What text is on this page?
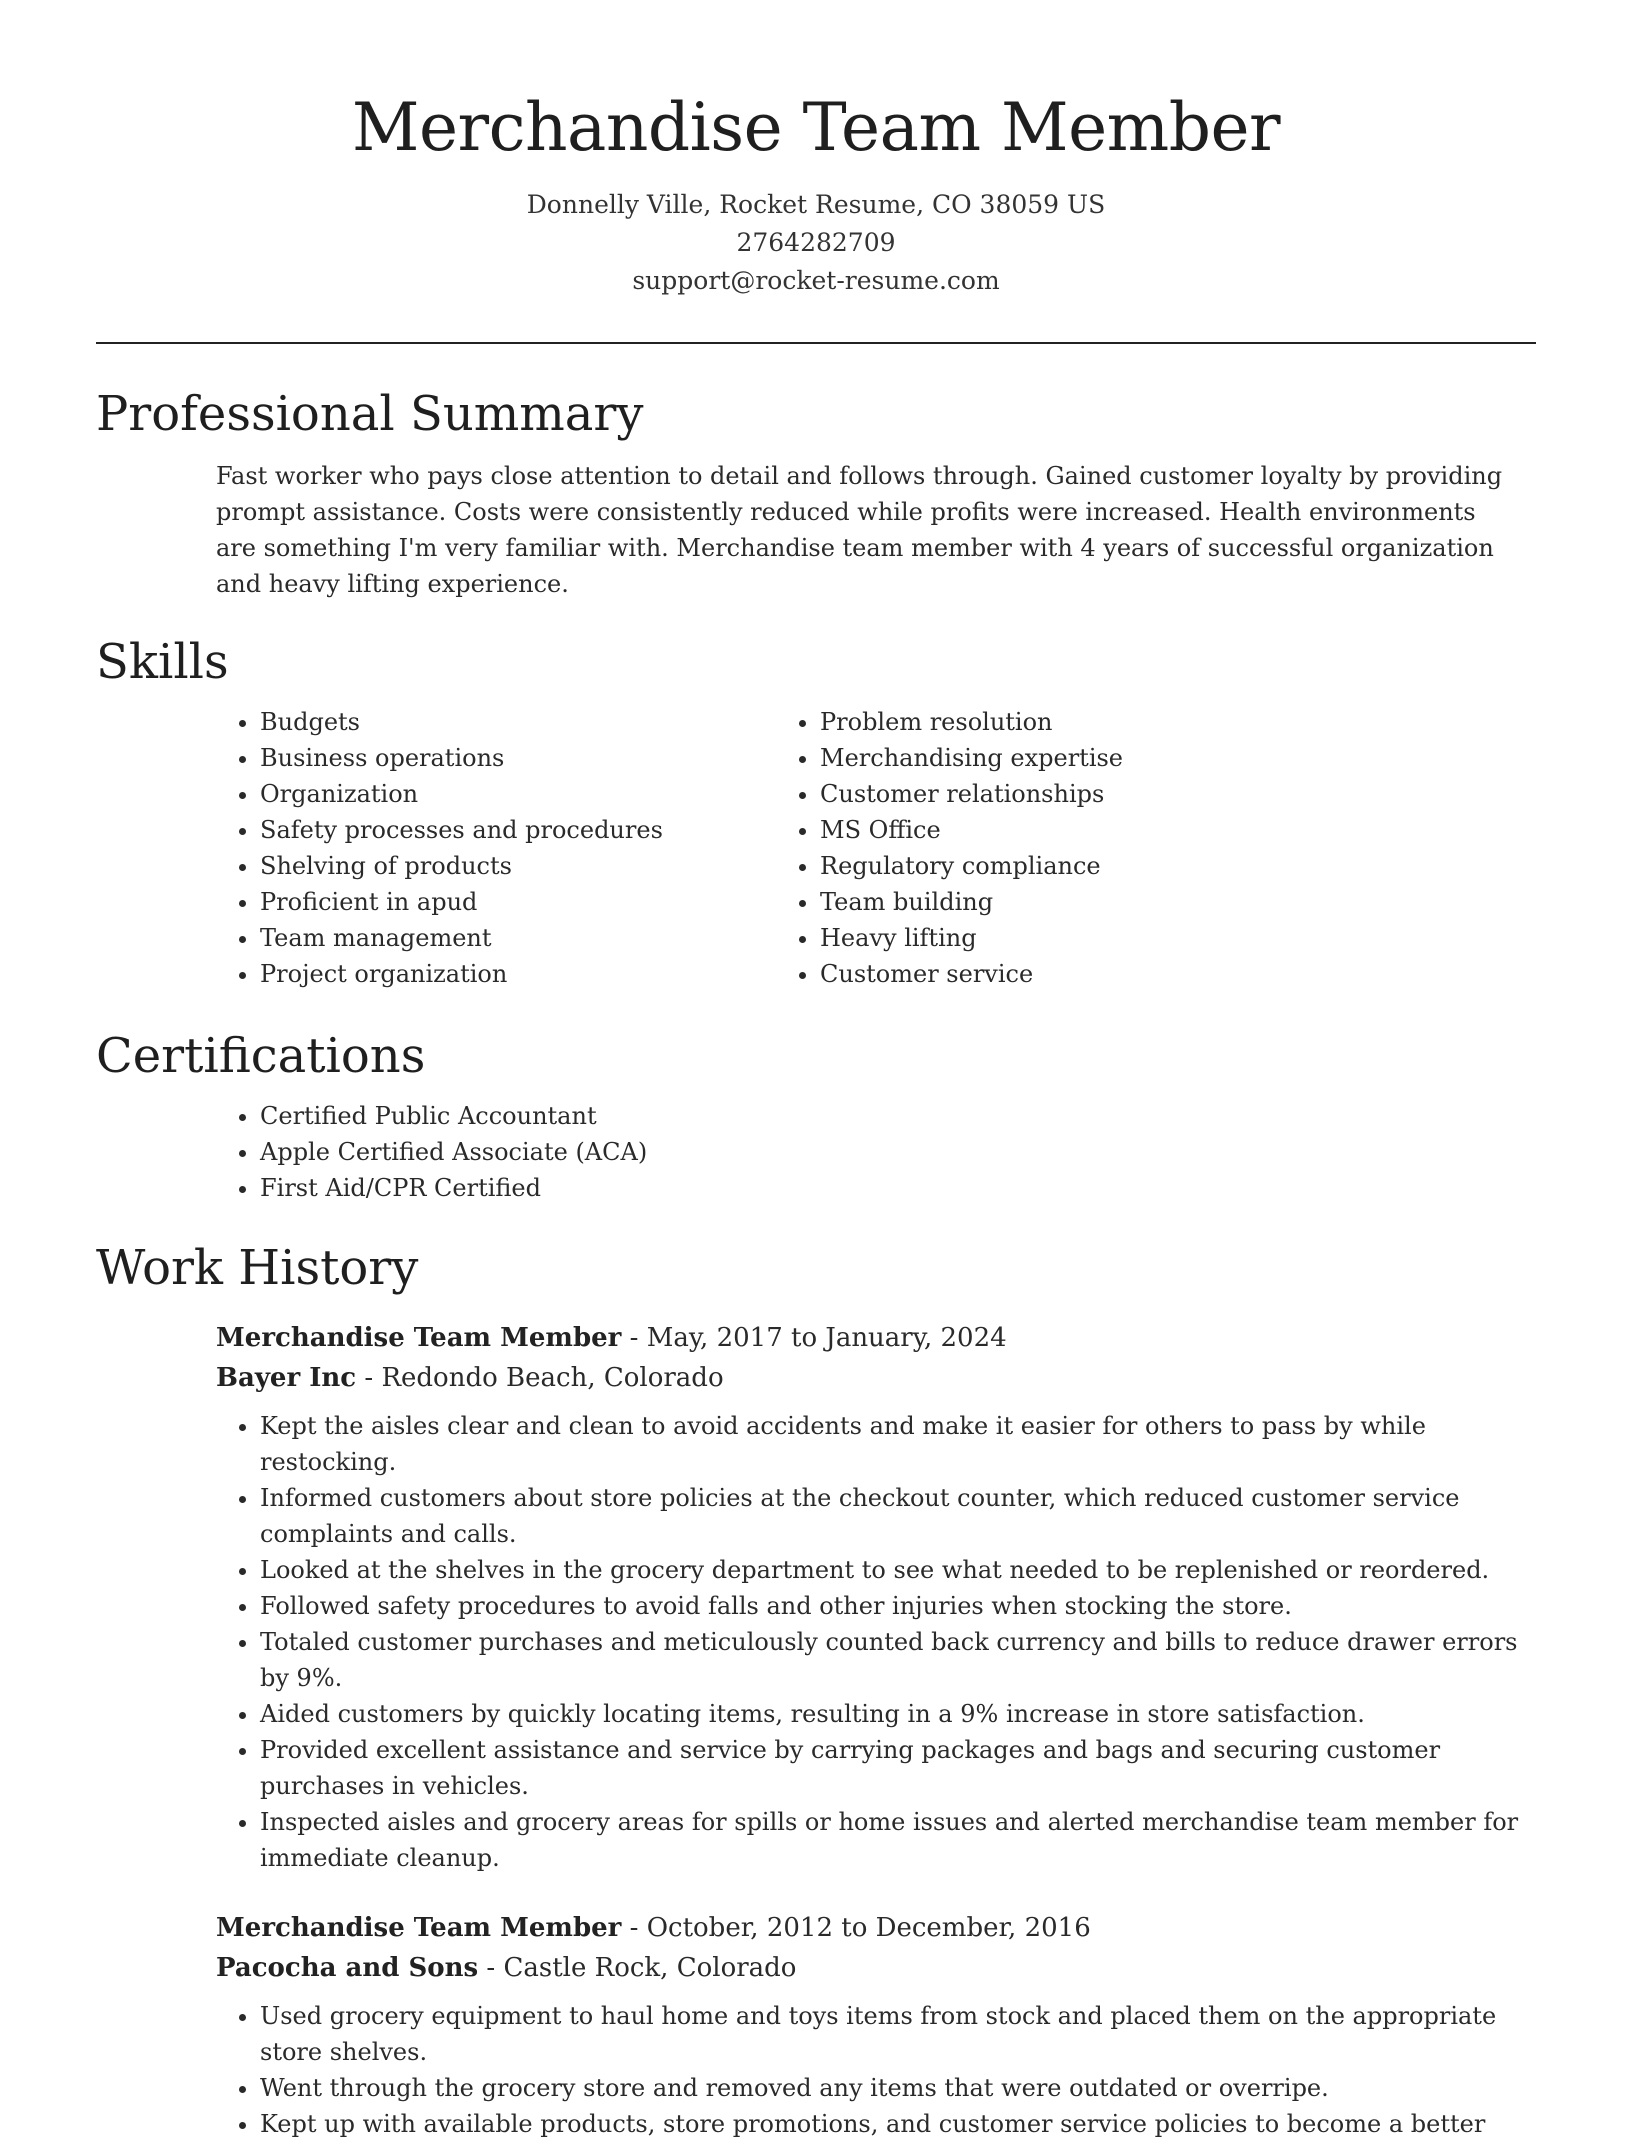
Merchandise Team Member
Donnelly Ville, Rocket Resume, CO 38059 US
2764282709
support@rocket-resume.com
Professional Summary
Fast worker who pays close attention to detail and follows through. Gained customer loyalty by providing prompt assistance. Costs were consistently reduced while profits were increased. Health environments are something I'm very familiar with. Merchandise team member with 4 years of successful organization and heavy lifting experience.
Skills
• Budgets
• Business operations
• Organization
• Safety processes and procedures
• Shelving of products
• Proficient in apud
• Team management
• Project organization
• Problem resolution
• Merchandising expertise
• Customer relationships
• MS Office
• Regulatory compliance
• Team building
• Heavy lifting
• Customer service
Certifications
• Certified Public Accountant
• Apple Certified Associate (ACA)
• First Aid/CPR Certified
Work History
Merchandise Team Member - May, 2017 to January, 2024
Bayer Inc - Redondo Beach, Colorado
• Kept the aisles clear and clean to avoid accidents and make it easier for others to pass by while restocking.
• Informed customers about store policies at the checkout counter, which reduced customer service complaints and calls.
• Looked at the shelves in the grocery department to see what needed to be replenished or reordered.
• Followed safety procedures to avoid falls and other injuries when stocking the store.
• Totaled customer purchases and meticulously counted back currency and bills to reduce drawer errors by 9%.
• Aided customers by quickly locating items, resulting in a 9% increase in store satisfaction.
• Provided excellent assistance and service by carrying packages and bags and securing customer purchases in vehicles.
• Inspected aisles and grocery areas for spills or home issues and alerted merchandise team member for immediate cleanup.
Merchandise Team Member - October, 2012 to December, 2016
Pacocha and Sons - Castle Rock, Colorado
• Used grocery equipment to haul home and toys items from stock and placed them on the appropriate store shelves.
• Went through the grocery store and removed any items that were outdated or overripe.
• Kept up with available products, store promotions, and customer service policies to become a better
